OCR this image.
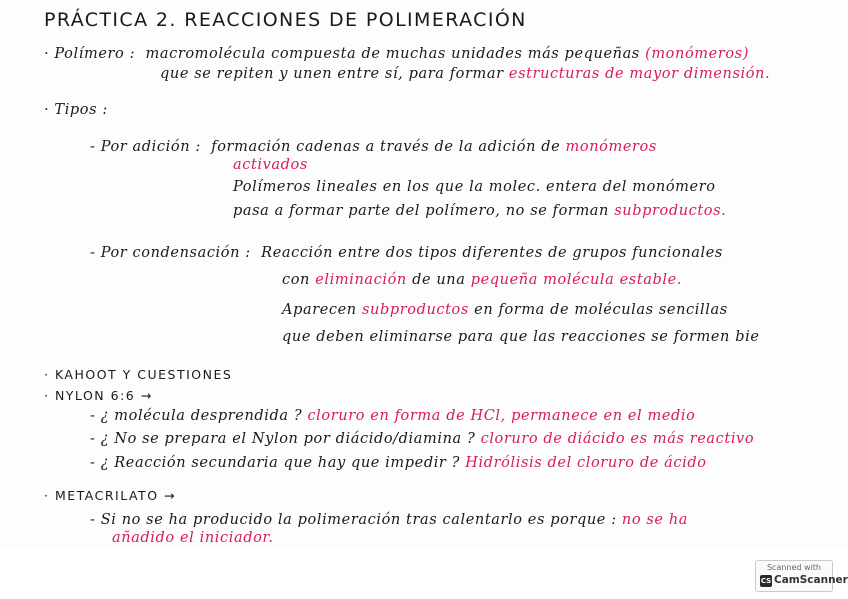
PRÁCTICA 2. REACCIONES DE POLIMERACIÓN
· Polímero : macromolécula compuesta de muchas unidades más pequeñas (monómeros)
que se repiten y unen entre sí, para formar estructuras de mayor dimensión.
· Tipos :
- Por adición : formación cadenas a través de la adición de monómeros
activados
Polímeros lineales en los que la molec. entera del monómero
pasa a formar parte del polímero, no se forman subproductos.
- Por condensación : Reacción entre dos tipos diferentes de grupos funcionales
con eliminación de una pequeña molécula estable.
Aparecen subproductos en forma de moléculas sencillas
que deben eliminarse para que las reacciones se formen bie
· KAHOOT Y CUESTIONES
· NYLON 6:6 →
- ¿ molécula desprendida ? cloruro en forma de HCl, permanece en el medio
- ¿ No se prepara el Nylon por diácido/diamina ? cloruro de diácido es más reactivo
- ¿ Reacción secundaria que hay que impedir ? Hidrólisis del cloruro de ácido
· METACRILATO →
- Si no se ha producido la polimeración tras calentarlo es porque : no se ha
añadido el iniciador.
Scanned with
CS CamScanner
